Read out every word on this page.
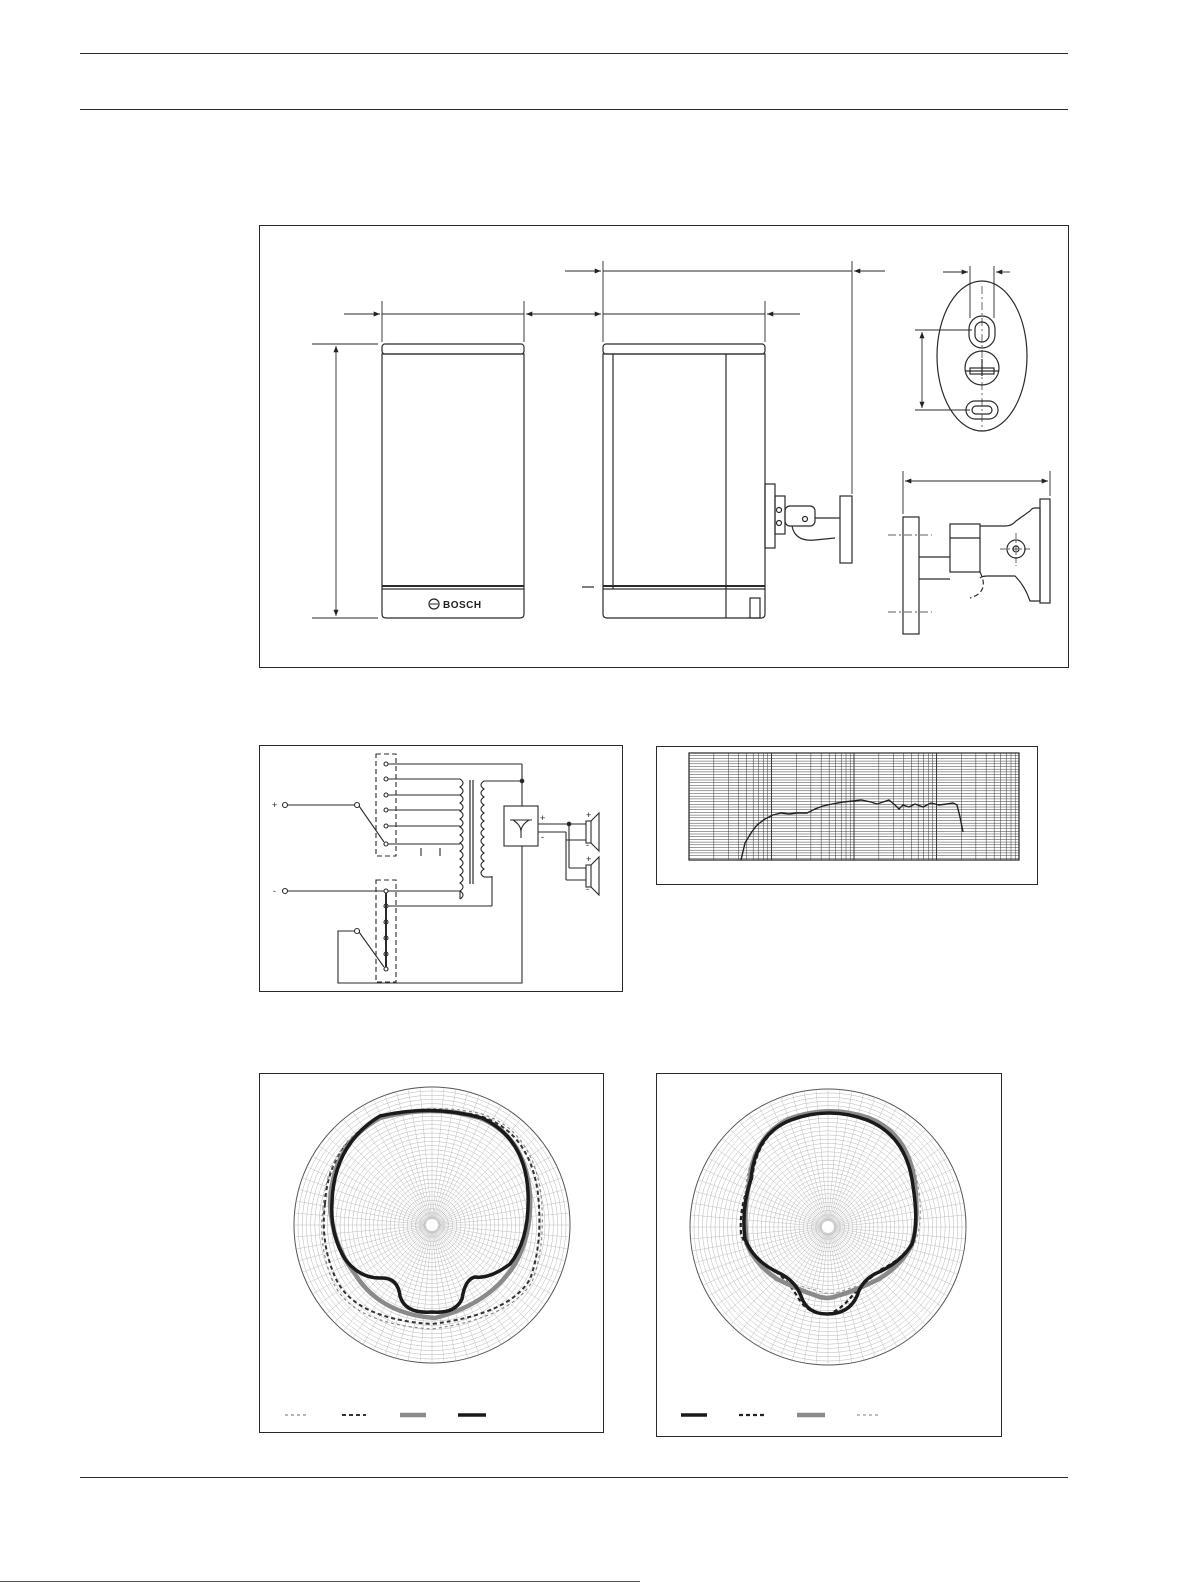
BOSCH
+
-
+
-
+
-
+
-
